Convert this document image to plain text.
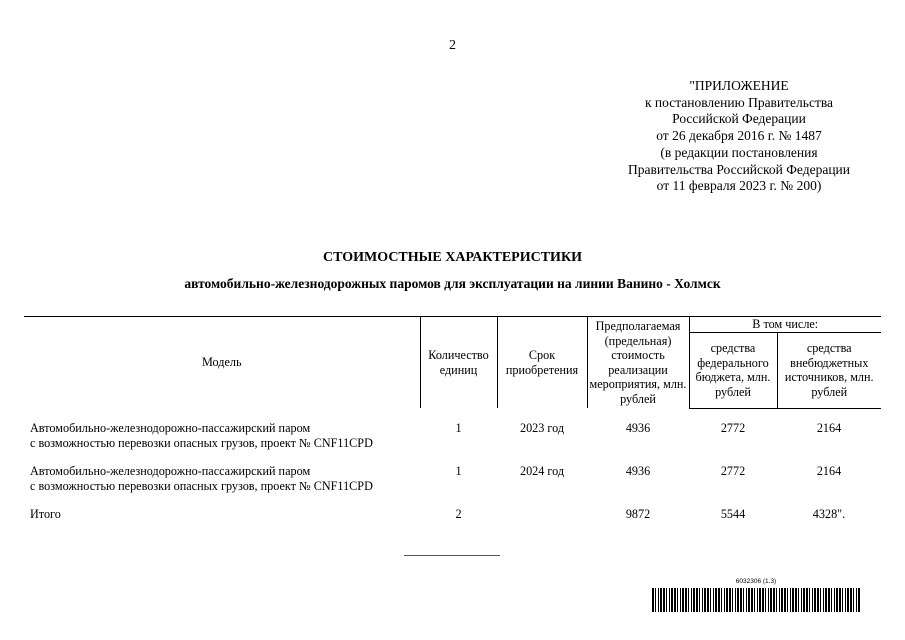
2
"ПРИЛОЖЕНИЕ
к постановлению Правительства
Российской Федерации
от 26 декабря 2016 г. № 1487
(в редакции постановления
Правительства Российской Федерации
от 11 февраля 2023 г. № 200)
СТОИМОСТНЫЕ ХАРАКТЕРИСТИКИ
автомобильно-железнодорожных паромов для эксплуатации на линии Ванино - Холмск
Модель	Количество единиц	Срок приобретения	Предполагаемая (предельная) стоимость реализации мероприятия, млн. рублей	В том числе:	
				средства федерального бюджета, млн. рублей	средства внебюджетных источников, млн. рублей

Автомобильно-железнодорожно-пассажирский паром
с возможностью перевозки опасных грузов, проект № CNF11CPD	1	2023 год	4936	2772	2164

Автомобильно-железнодорожно-пассажирский паром
с возможностью перевозки опасных грузов, проект № CNF11CPD	1	2024 год	4936	2772	2164

Итого	2		9872	5544	4328".
6032306 (1.3)
